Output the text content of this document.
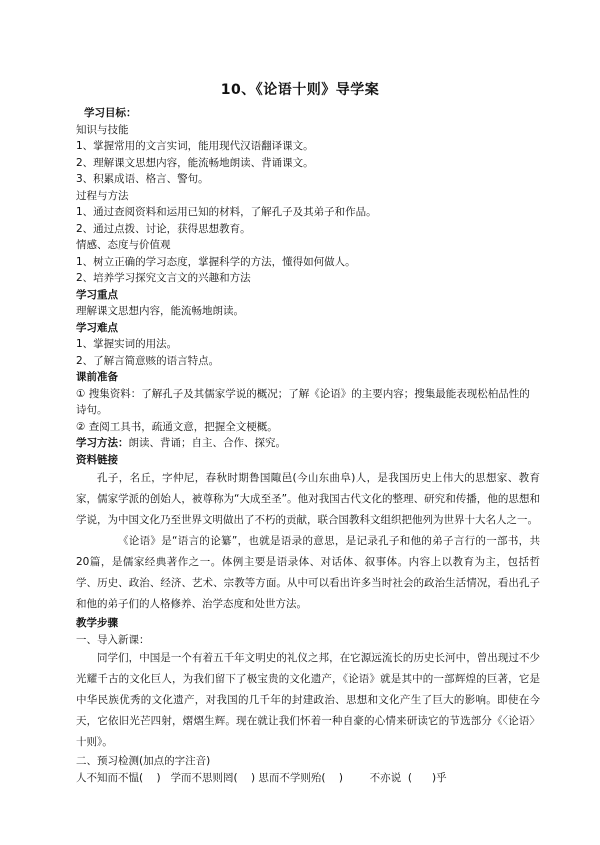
10、《论语十则》导学案

学习目标：

知识与技能

1、掌握常用的文言实词，能用现代汉语翻译课文。

2、理解课文思想内容，能流畅地朗读、背诵课文。

3、积累成语、格言、警句。

过程与方法

1、通过查阅资料和运用已知的材料，了解孔子及其弟子和作品。

2、通过点拨、讨论，获得思想教育。

情感、态度与价值观

1、树立正确的学习态度，掌握科学的方法，懂得如何做人。

2、培养学习探究文言文的兴趣和方法

学习重点

理解课文思想内容，能流畅地朗读。

学习难点

1、掌握实词的用法。

2、了解言简意赅的语言特点。

课前准备

① 搜集资料：了解孔子及其儒家学说的概况；了解《论语》的主要内容；搜集最能表现松柏品性的诗句。

② 查阅工具书，疏通文意，把握全文梗概。

学习方法：朗读、背诵；自主、合作、探究。

资料链接

孔子，名丘，字仲尼，春秋时期鲁国陬邑(今山东曲阜)人，是我国历史上伟大的思想家、教育家，儒家学派的创始人，被尊称为“大成至圣”。他对我国古代文化的整理、研究和传播，他的思想和学说，为中国文化乃至世界文明做出了不朽的贡献，联合国教科文组织把他列为世界十大名人之一。

《论语》是“语言的论纂”，也就是语录的意思，是记录孔子和他的弟子言行的一部书，共20篇，是儒家经典著作之一。体例主要是语录体、对话体、叙事体。内容上以教育为主，包括哲学、历史、政治、经济、艺术、宗教等方面。从中可以看出许多当时社会的政治生活情况，看出孔子和他的弟子们的人格修养、治学态度和处世方法。

教学步骤

一、导入新课：

同学们，中国是一个有着五千年文明史的礼仪之邦，在它源远流长的历史长河中，曾出现过不少光耀千古的文化巨人，为我们留下了极宝贵的文化遗产，《论语》就是其中的一部辉煌的巨著，它是中华民族优秀的文化遗产，对我国的几千年的封建政治、思想和文化产生了巨大的影响。即使在今天，它依旧光芒四射，熠熠生辉。现在就让我们怀着一种自豪的心情来研读它的节选部分《〈论语〉十则》。

二、预习检测(加点的字注音)

人不知而不愠(    )   学而不思则罔(    ) 思而不学则殆(    )        不亦说  (      )乎
